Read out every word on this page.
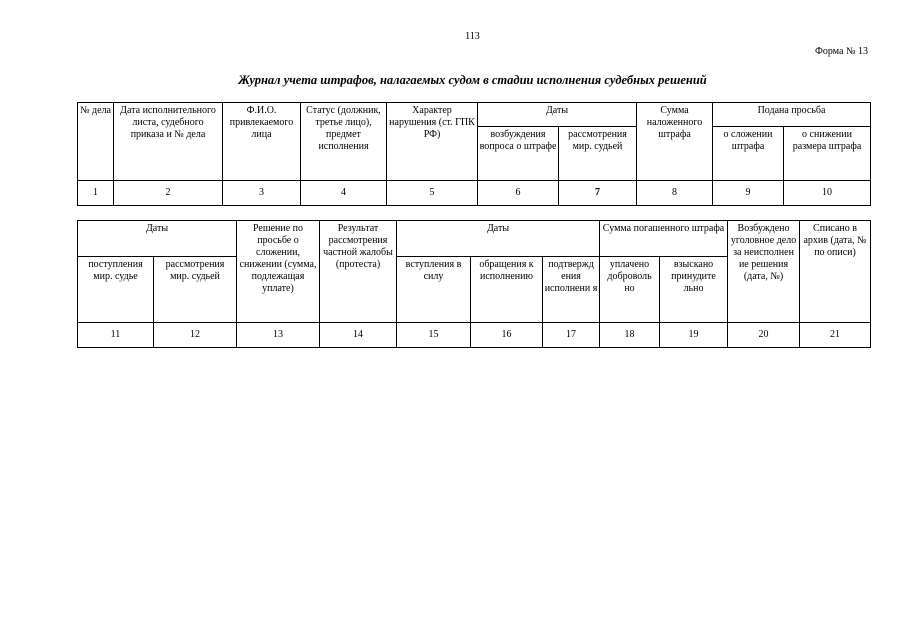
113
Форма № 13
Журнал учета штрафов, налагаемых судом в стадии исполнения судебных решений
№ дела	Дата исполнительного листа, судебного приказа и № дела	Ф.И.О. привлекаемого лица	Статус (должник, третье лицо), предмет исполнения	Характер нарушения (ст. ГПК РФ)	Даты		Сумма наложенного штрафа	Подана просьба	
					возбуждения вопроса о штрафе	рассмотрения мир. судьей		о сложении штрафа	о снижении размера штрафа
1	2	3	4	5	6	7	8	9	10
Даты		Решение по просьбе о сложении, снижении (сумма, подлежащая уплате)	Результат рассмотрения частной жалобы (протеста)	Даты			Сумма погашенного штрафа		Возбуждено уголовное дело за неисполнен ие решения (дата, №)	Списано в архив (дата, № по описи)
поступления мир. судье	рассмотрения мир. судьей			вступления в силу	обращения к исполнению	подтвержд ения исполнени я	уплачено доброволь но	взыскано принудите льно		
11	12	13	14	15	16	17	18	19	20	21
